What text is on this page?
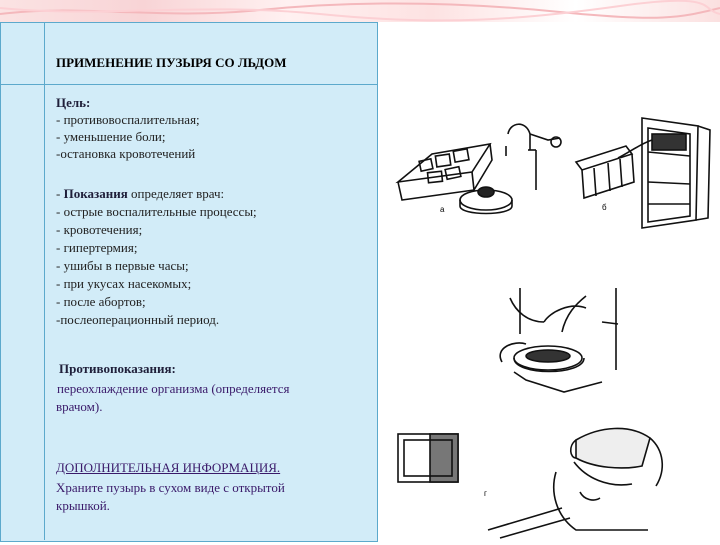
ПРИМЕНЕНИЕ ПУЗЫРЯ СО ЛЬДОМ
Цель:
- противовоспалительная;
- уменьшение боли;
-остановка кровотечений
- Показания определяет врач:
- острые воспалительные процессы;
- кровотечения;
- гипертермия;
- ушибы в первые часы;
- при укусах насекомых;
- после абортов;
-послеоперационный период.
Противопоказания:
переохлаждение организма (определяется
врачом).
ДОПОЛНИТЕЛЬНАЯ ИНФОРМАЦИЯ.
Храните пузырь в сухом виде с открытой
крышкой.
а	б
г
